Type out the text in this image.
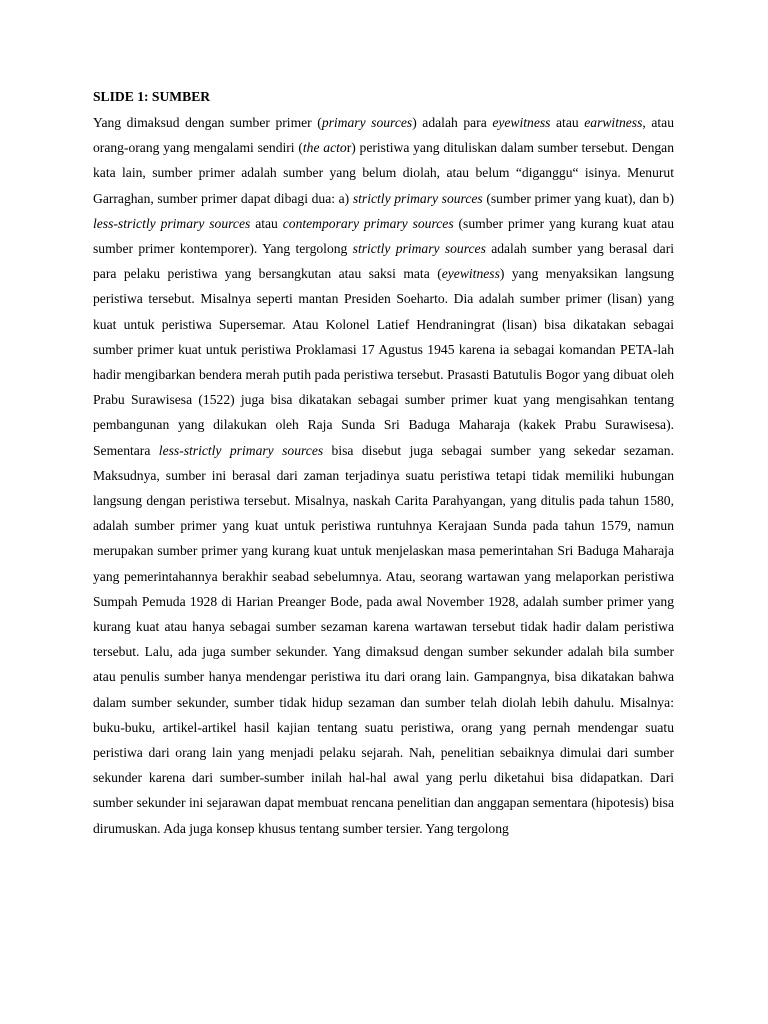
SLIDE 1: SUMBER

Yang dimaksud dengan sumber primer (primary sources) adalah para eyewitness atau earwitness, atau orang-orang yang mengalami sendiri (the actor) peristiwa yang dituliskan dalam sumber tersebut. Dengan kata lain, sumber primer adalah sumber yang belum diolah, atau belum “diganggu“ isinya. Menurut Garraghan, sumber primer dapat dibagi dua: a) strictly primary sources (sumber primer yang kuat), dan b) less-strictly primary sources atau contemporary primary sources (sumber primer yang kurang kuat atau sumber primer kontemporer). Yang tergolong strictly primary sources adalah sumber yang berasal dari para pelaku peristiwa yang bersangkutan atau saksi mata (eyewitness) yang menyaksikan langsung peristiwa tersebut. Misalnya seperti mantan Presiden Soeharto. Dia adalah sumber primer (lisan) yang kuat untuk peristiwa Supersemar. Atau Kolonel Latief Hendraningrat (lisan) bisa dikatakan sebagai sumber primer kuat untuk peristiwa Proklamasi 17 Agustus 1945 karena ia sebagai komandan PETA-lah hadir mengibarkan bendera merah putih pada peristiwa tersebut. Prasasti Batutulis Bogor yang dibuat oleh Prabu Surawisesa (1522) juga bisa dikatakan sebagai sumber primer kuat yang mengisahkan tentang pembangunan yang dilakukan oleh Raja Sunda Sri Baduga Maharaja (kakek Prabu Surawisesa). Sementara less-strictly primary sources bisa disebut juga sebagai sumber yang sekedar sezaman. Maksudnya, sumber ini berasal dari zaman terjadinya suatu peristiwa tetapi tidak memiliki hubungan langsung dengan peristiwa tersebut. Misalnya, naskah Carita Parahyangan, yang ditulis pada tahun 1580, adalah sumber primer yang kuat untuk peristiwa runtuhnya Kerajaan Sunda pada tahun 1579, namun merupakan sumber primer yang kurang kuat untuk menjelaskan masa pemerintahan Sri Baduga Maharaja yang pemerintahannya berakhir seabad sebelumnya. Atau, seorang wartawan yang melaporkan peristiwa Sumpah Pemuda 1928 di Harian Preanger Bode, pada awal November 1928, adalah sumber primer yang kurang kuat atau hanya sebagai sumber sezaman karena wartawan tersebut tidak hadir dalam peristiwa tersebut. Lalu, ada juga sumber sekunder. Yang dimaksud dengan sumber sekunder adalah bila sumber atau penulis sumber hanya mendengar peristiwa itu dari orang lain. Gampangnya, bisa dikatakan bahwa dalam sumber sekunder, sumber tidak hidup sezaman dan sumber telah diolah lebih dahulu. Misalnya: buku-buku, artikel-artikel hasil kajian tentang suatu peristiwa, orang yang pernah mendengar suatu peristiwa dari orang lain yang menjadi pelaku sejarah. Nah, penelitian sebaiknya dimulai dari sumber sekunder karena dari sumber-sumber inilah hal-hal awal yang perlu diketahui bisa didapatkan. Dari sumber sekunder ini sejarawan dapat membuat rencana penelitian dan anggapan sementara (hipotesis) bisa dirumuskan. Ada juga konsep khusus tentang sumber tersier. Yang tergolong
